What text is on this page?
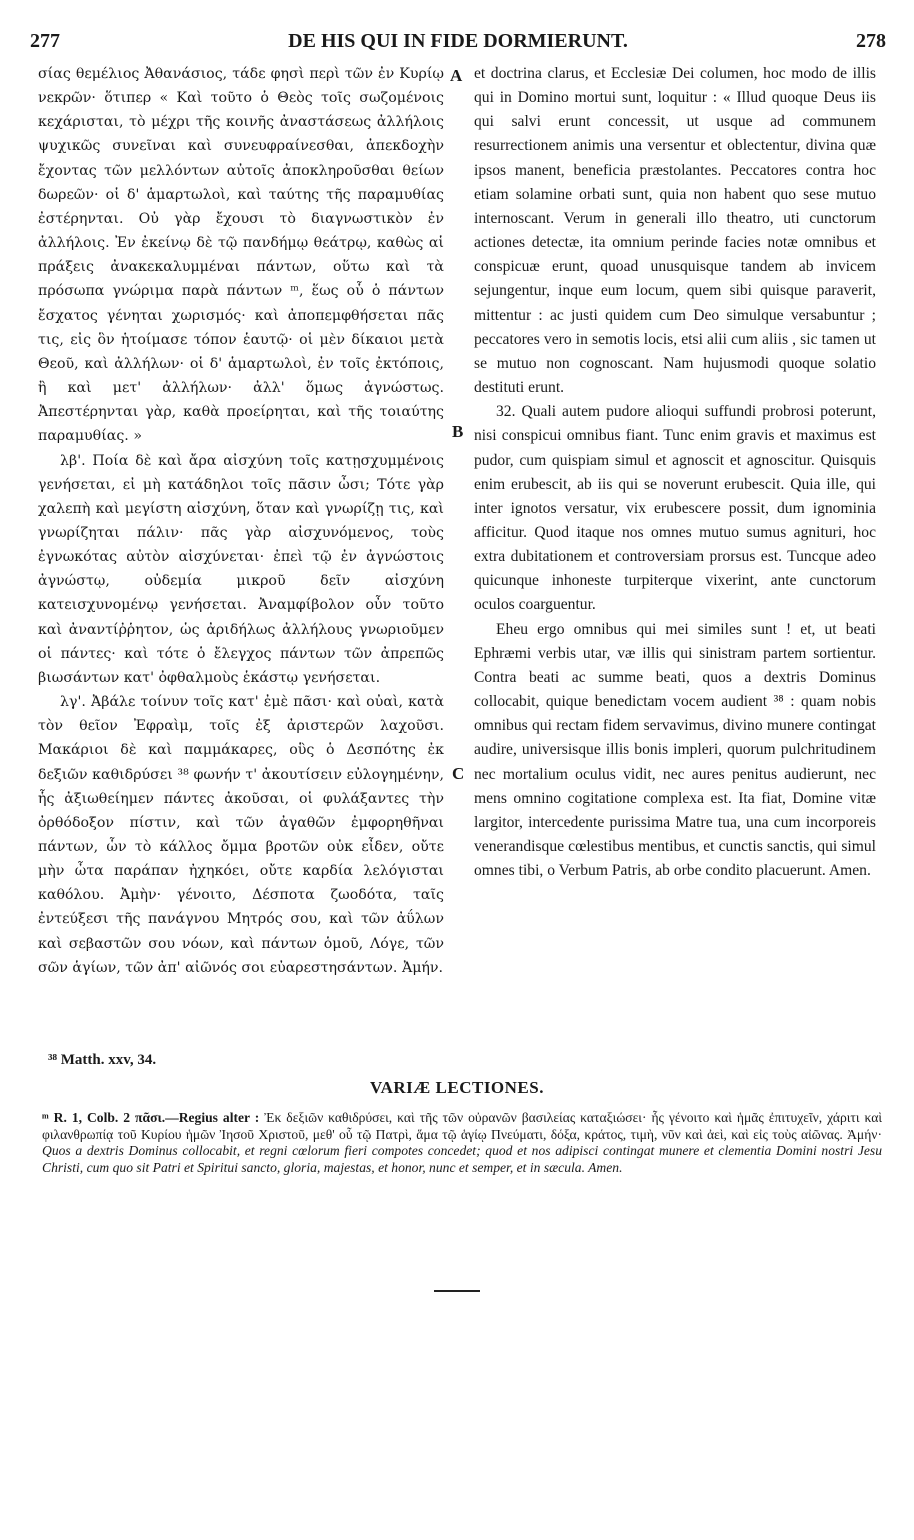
277	DE HIS QUI IN FIDE DORMIERUNT.	278

σίας θεμέλιος Ἀθανάσιος, τάδε φησὶ περὶ τῶν ἐν Κυρίῳ νεκρῶν· ὅτιπερ « Καὶ τοῦτο ὁ Θεὸς τοῖς σωζομένοις κεχάρισται, τὸ μέχρι τῆς κοινῆς ἀναστάσεως ἀλλήλοις ψυχικῶς συνεῖναι καὶ συνευφραίνεσθαι, ἀπεκδοχὴν ἔχοντας τῶν μελλόντων αὐτοῖς ἀποκληροῦσθαι θείων δωρεῶν· οἱ δ' ἁμαρτωλοὶ, καὶ ταύτης τῆς παραμυθίας ἐστέρηνται. Οὐ γὰρ ἔχουσι τὸ διαγνωστικὸν ἐν ἀλλήλοις. Ἐν ἐκείνῳ δὲ τῷ πανδήμῳ θεάτρῳ, καθὼς αἱ πράξεις ἀνακεκαλυμμέναι πάντων, οὕτω καὶ τὰ πρόσωπα γνώριμα παρὰ πάντων ᵐ, ἕως οὗ ὁ πάντων ἔσχατος γένηται χωρισμός· καὶ ἀποπεμφθήσεται πᾶς τις, εἰς ὃν ἡτοίμασε τόπον ἑαυτῷ· οἱ μὲν δίκαιοι μετὰ Θεοῦ, καὶ ἀλλήλων· οἱ δ' ἁμαρτωλοὶ, ἐν τοῖς ἐκτόποις, ἢ καὶ μετ' ἀλλήλων· ἀλλ' ὅμως ἀγνώστως. Ἀπεστέρηνται γὰρ, καθὰ προείρηται, καὶ τῆς τοιαύτης παραμυθίας. »

λβ'. Ποία δὲ καὶ ἄρα αἰσχύνη τοῖς κατῃσχυμμένοις γενήσεται, εἰ μὴ κατάδηλοι τοῖς πᾶσιν ὦσι; Τότε γὰρ χαλεπὴ καὶ μεγίστη αἰσχύνη, ὅταν καὶ γνωρίζῃ τις, καὶ γνωρίζηται πάλιν· πᾶς γὰρ αἰσχυνόμενος, τοὺς ἐγνωκότας αὐτὸν αἰσχύνεται· ἐπεὶ τῷ ἐν ἀγνώστοις ἀγνώστῳ, οὐδεμία μικροῦ δεῖν αἰσχύνη κατεισχυνομένῳ γενήσεται. Ἀναμφίβολον οὖν τοῦτο καὶ ἀναντίῤῥητον, ὡς ἀριδήλως ἀλλήλους γνωριοῦμεν οἱ πάντες· καὶ τότε ὁ ἔλεγχος πάντων τῶν ἀπρεπῶς βιωσάντων κατ' ὀφθαλμοὺς ἑκάστῳ γενήσεται.

λγ'. Ἀβάλε τοίνυν τοῖς κατ' ἐμὲ πᾶσι· καὶ οὐαὶ, κατὰ τὸν θεῖον Ἐφραὶμ, τοῖς ἐξ ἀριστερῶν λαχοῦσι. Μακάριοι δὲ καὶ παμμάκαρες, οὓς ὁ Δεσπότης ἐκ δεξιῶν καθιδρύσει ³⁸ φωνήν τ' ἀκουτίσειν εὐλογημένην, ἧς ἀξιωθείημεν πάντες ἀκοῦσαι, οἱ φυλάξαντες τὴν ὀρθόδοξον πίστιν, καὶ τῶν ἀγαθῶν ἐμφορηθῆναι πάντων, ὧν τὸ κάλλος ὄμμα βροτῶν οὐκ εἶδεν, οὔτε μὴν ὦτα παράπαν ἠχηκόει, οὔτε καρδία λελόγισται καθόλου. Ἀμὴν· γένοιτο, Δέσποτα ζωοδότα, ταῖς ἐντεύξεσι τῆς πανάγνου Μητρός σου, καὶ τῶν ἀΰλων καὶ σεβαστῶν σου νόων, καὶ πάντων ὁμοῦ, Λόγε, τῶν σῶν ἁγίων, τῶν ἀπ' αἰῶνός σοι εὐαρεστησάντων. Ἀμήν.

A
B
C

et doctrina clarus, et Ecclesiæ Dei columen, hoc modo de illis qui in Domino mortui sunt, loquitur : « Illud quoque Deus iis qui salvi erunt concessit, ut usque ad communem resurrectionem animis una versentur et oblectentur, divina quæ ipsos manent, beneficia præstolantes. Peccatores contra hoc etiam solamine orbati sunt, quia non habent quo sese mutuo internoscant. Verum in generali illo theatro, uti cunctorum actiones detectæ, ita omnium perinde facies notæ omnibus et conspicuæ erunt, quoad unusquisque tandem ab invicem sejungentur, inque eum locum, quem sibi quisque paraverit, mittentur : ac justi quidem cum Deo simulque versabuntur ; peccatores vero in semotis locis, etsi alii cum aliis , sic tamen ut se mutuo non cognoscant. Nam hujusmodi quoque solatio destituti erunt.

32. Quali autem pudore alioqui suffundi probrosi poterunt, nisi conspicui omnibus fiant. Tunc enim gravis et maximus est pudor, cum quispiam simul et agnoscit et agnoscitur. Quisquis enim erubescit, ab iis qui se noverunt erubescit. Quia ille, qui inter ignotos versatur, vix erubescere possit, dum ignominia afficitur. Quod itaque nos omnes mutuo sumus agnituri, hoc extra dubitationem et controversiam prorsus est. Tuncque adeo quicunque inhoneste turpiterque vixerint, ante cunctorum oculos coarguentur.

Eheu ergo omnibus qui mei similes sunt ! et, ut beati Ephræmi verbis utar, væ illis qui sinistram partem sortientur. Contra beati ac summe beati, quos a dextris Dominus collocabit, quique benedictam vocem audient ³⁸ : quam nobis omnibus qui rectam fidem servavimus, divino munere contingat audire, universisque illis bonis impleri, quorum pulchritudinem nec mortalium oculus vidit, nec aures penitus audierunt, nec mens omnino cogitatione complexa est. Ita fiat, Domine vitæ largitor, intercedente purissima Matre tua, una cum incorporeis venerandisque cœlestibus mentibus, et cunctis sanctis, qui simul omnes tibi, o Verbum Patris, ab orbe condito placuerunt. Amen.

³⁸ Matth. xxv, 34.
VARIÆ LECTIONES.
ᵐ R. 1, Colb. 2 πᾶσι.—Regius alter : Ἐκ δεξιῶν καθιδρύσει, καὶ τῆς τῶν οὐρανῶν βασιλείας καταξιώσει· ἧς γένοιτο καὶ ἡμᾶς ἐπιτυχεῖν, χάριτι καὶ φιλανθρωπίᾳ τοῦ Κυρίου ἡμῶν Ἰησοῦ Χριστοῦ, μεθ' οὗ τῷ Πατρὶ, ἅμα τῷ ἁγίῳ Πνεύματι, δόξα, κράτος, τιμὴ, νῦν καὶ ἀεὶ, καὶ εἰς τοὺς αἰῶνας. Ἀμήν· Quos a dextris Dominus collocabit, et regni cœlorum fieri compotes concedet; quod et nos adipisci contingat munere et clementia Domini nostri Jesu Christi, cum quo sit Patri et Spiritui sancto, gloria, majestas, et honor, nunc et semper, et in sæcula. Amen.
